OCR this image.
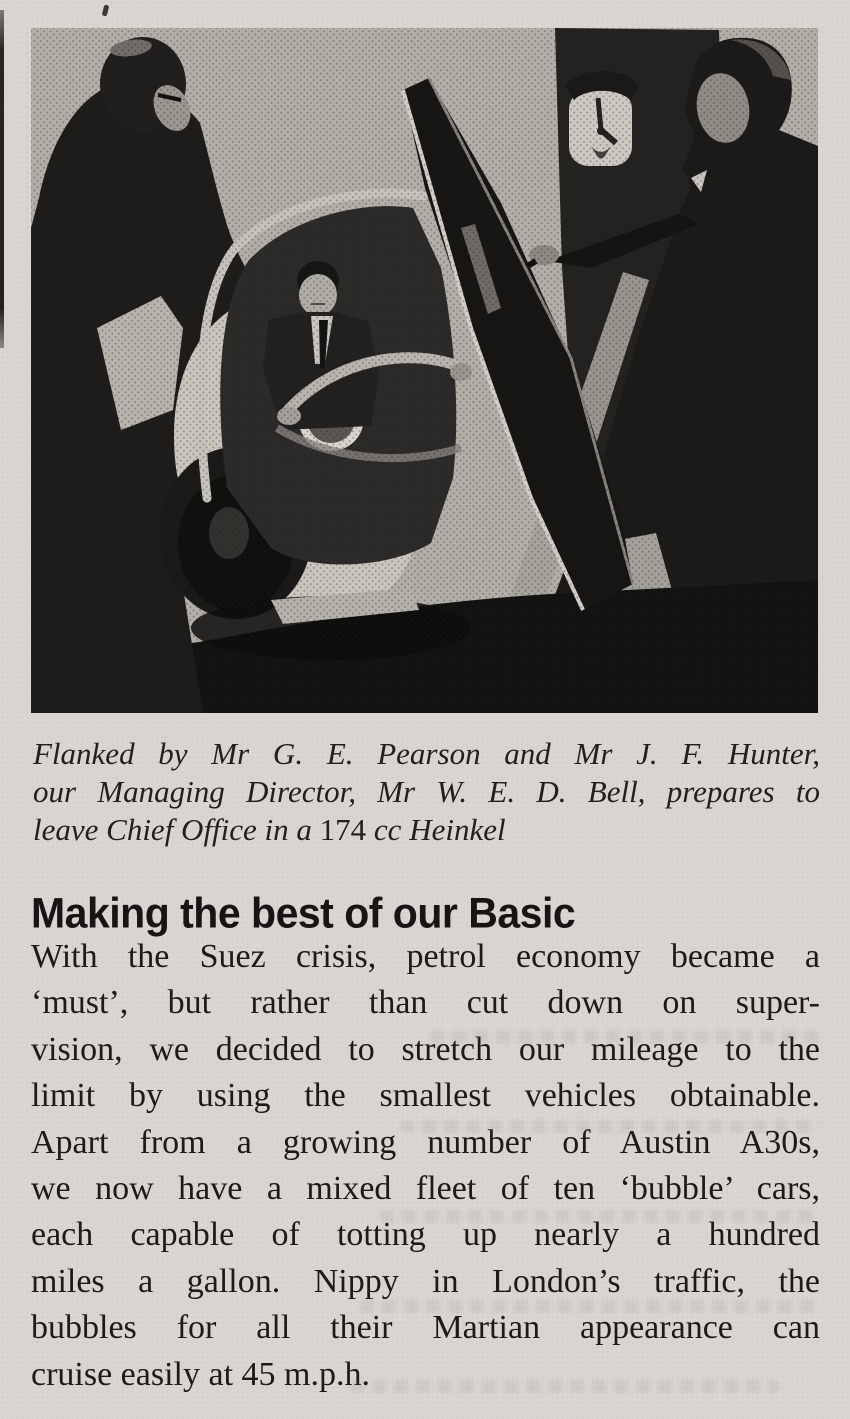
Flanked by Mr G. E. Pearson and Mr J. F. Hunter,
our Managing Director, Mr W. E. D. Bell, prepares to
leave Chief Office in a 174 cc Heinkel
Making the best of our Basic
With the Suez crisis, petrol economy became a
‘must’, but rather than cut down on super-
vision, we decided to stretch our mileage to the
limit by using the smallest vehicles obtainable.
Apart from a growing number of Austin A30s,
we now have a mixed fleet of ten ‘bubble’ cars,
each capable of totting up nearly a hundred
miles a gallon. Nippy in London’s traffic, the
bubbles for all their Martian appearance can
cruise easily at 45 m.p.h.
